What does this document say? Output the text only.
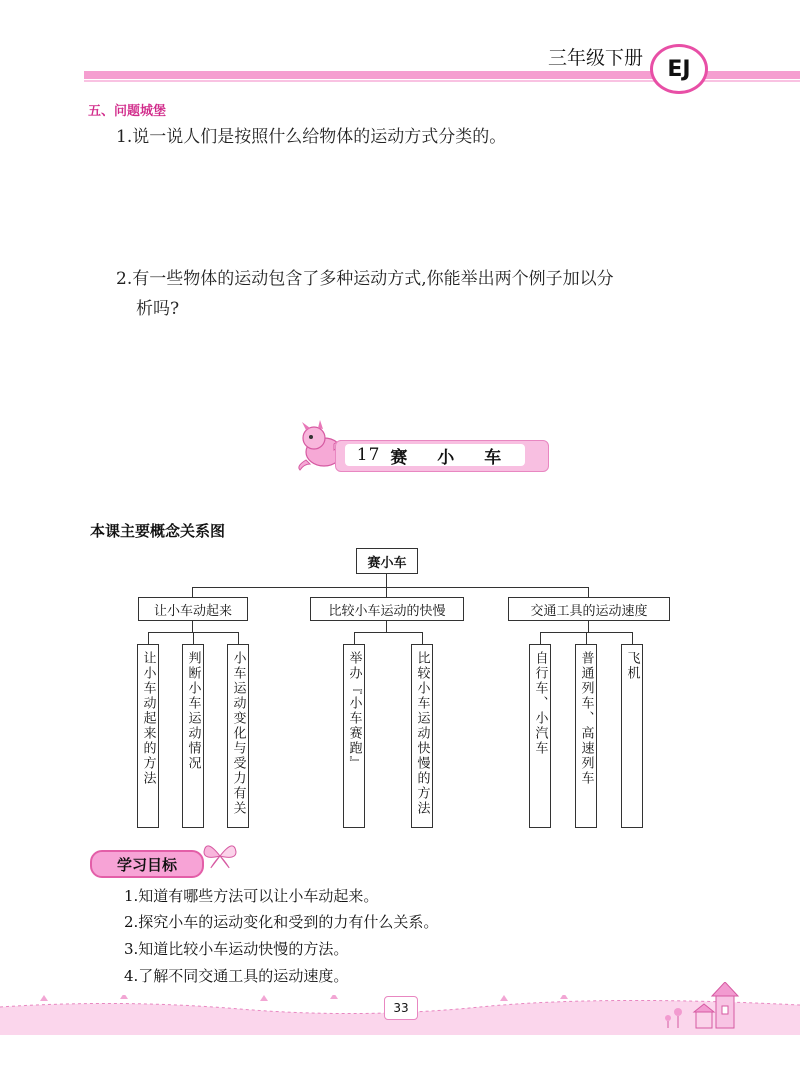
三年级下册	EJ
五、问题城堡
1.说一说人们是按照什么给物体的运动方式分类的。
2.有一些物体的运动包含了多种运动方式,你能举出两个例子加以分
析吗?
17 赛 小 车
本课主要概念关系图
赛小车
让小车动起来	比较小车运动的快慢	交通工具的运动速度
让小车动起来的方法 判断小车运动情况 小车运动变化与受力有关	举办『小车赛跑』	比较小车运动快慢的方法	自行车、小汽车 普通列车、高速列车 飞机
学习目标
1.知道有哪些方法可以让小车动起来。
2.探究小车的运动变化和受到的力有什么关系。
3.知道比较小车运动快慢的方法。
4.了解不同交通工具的运动速度。
33
